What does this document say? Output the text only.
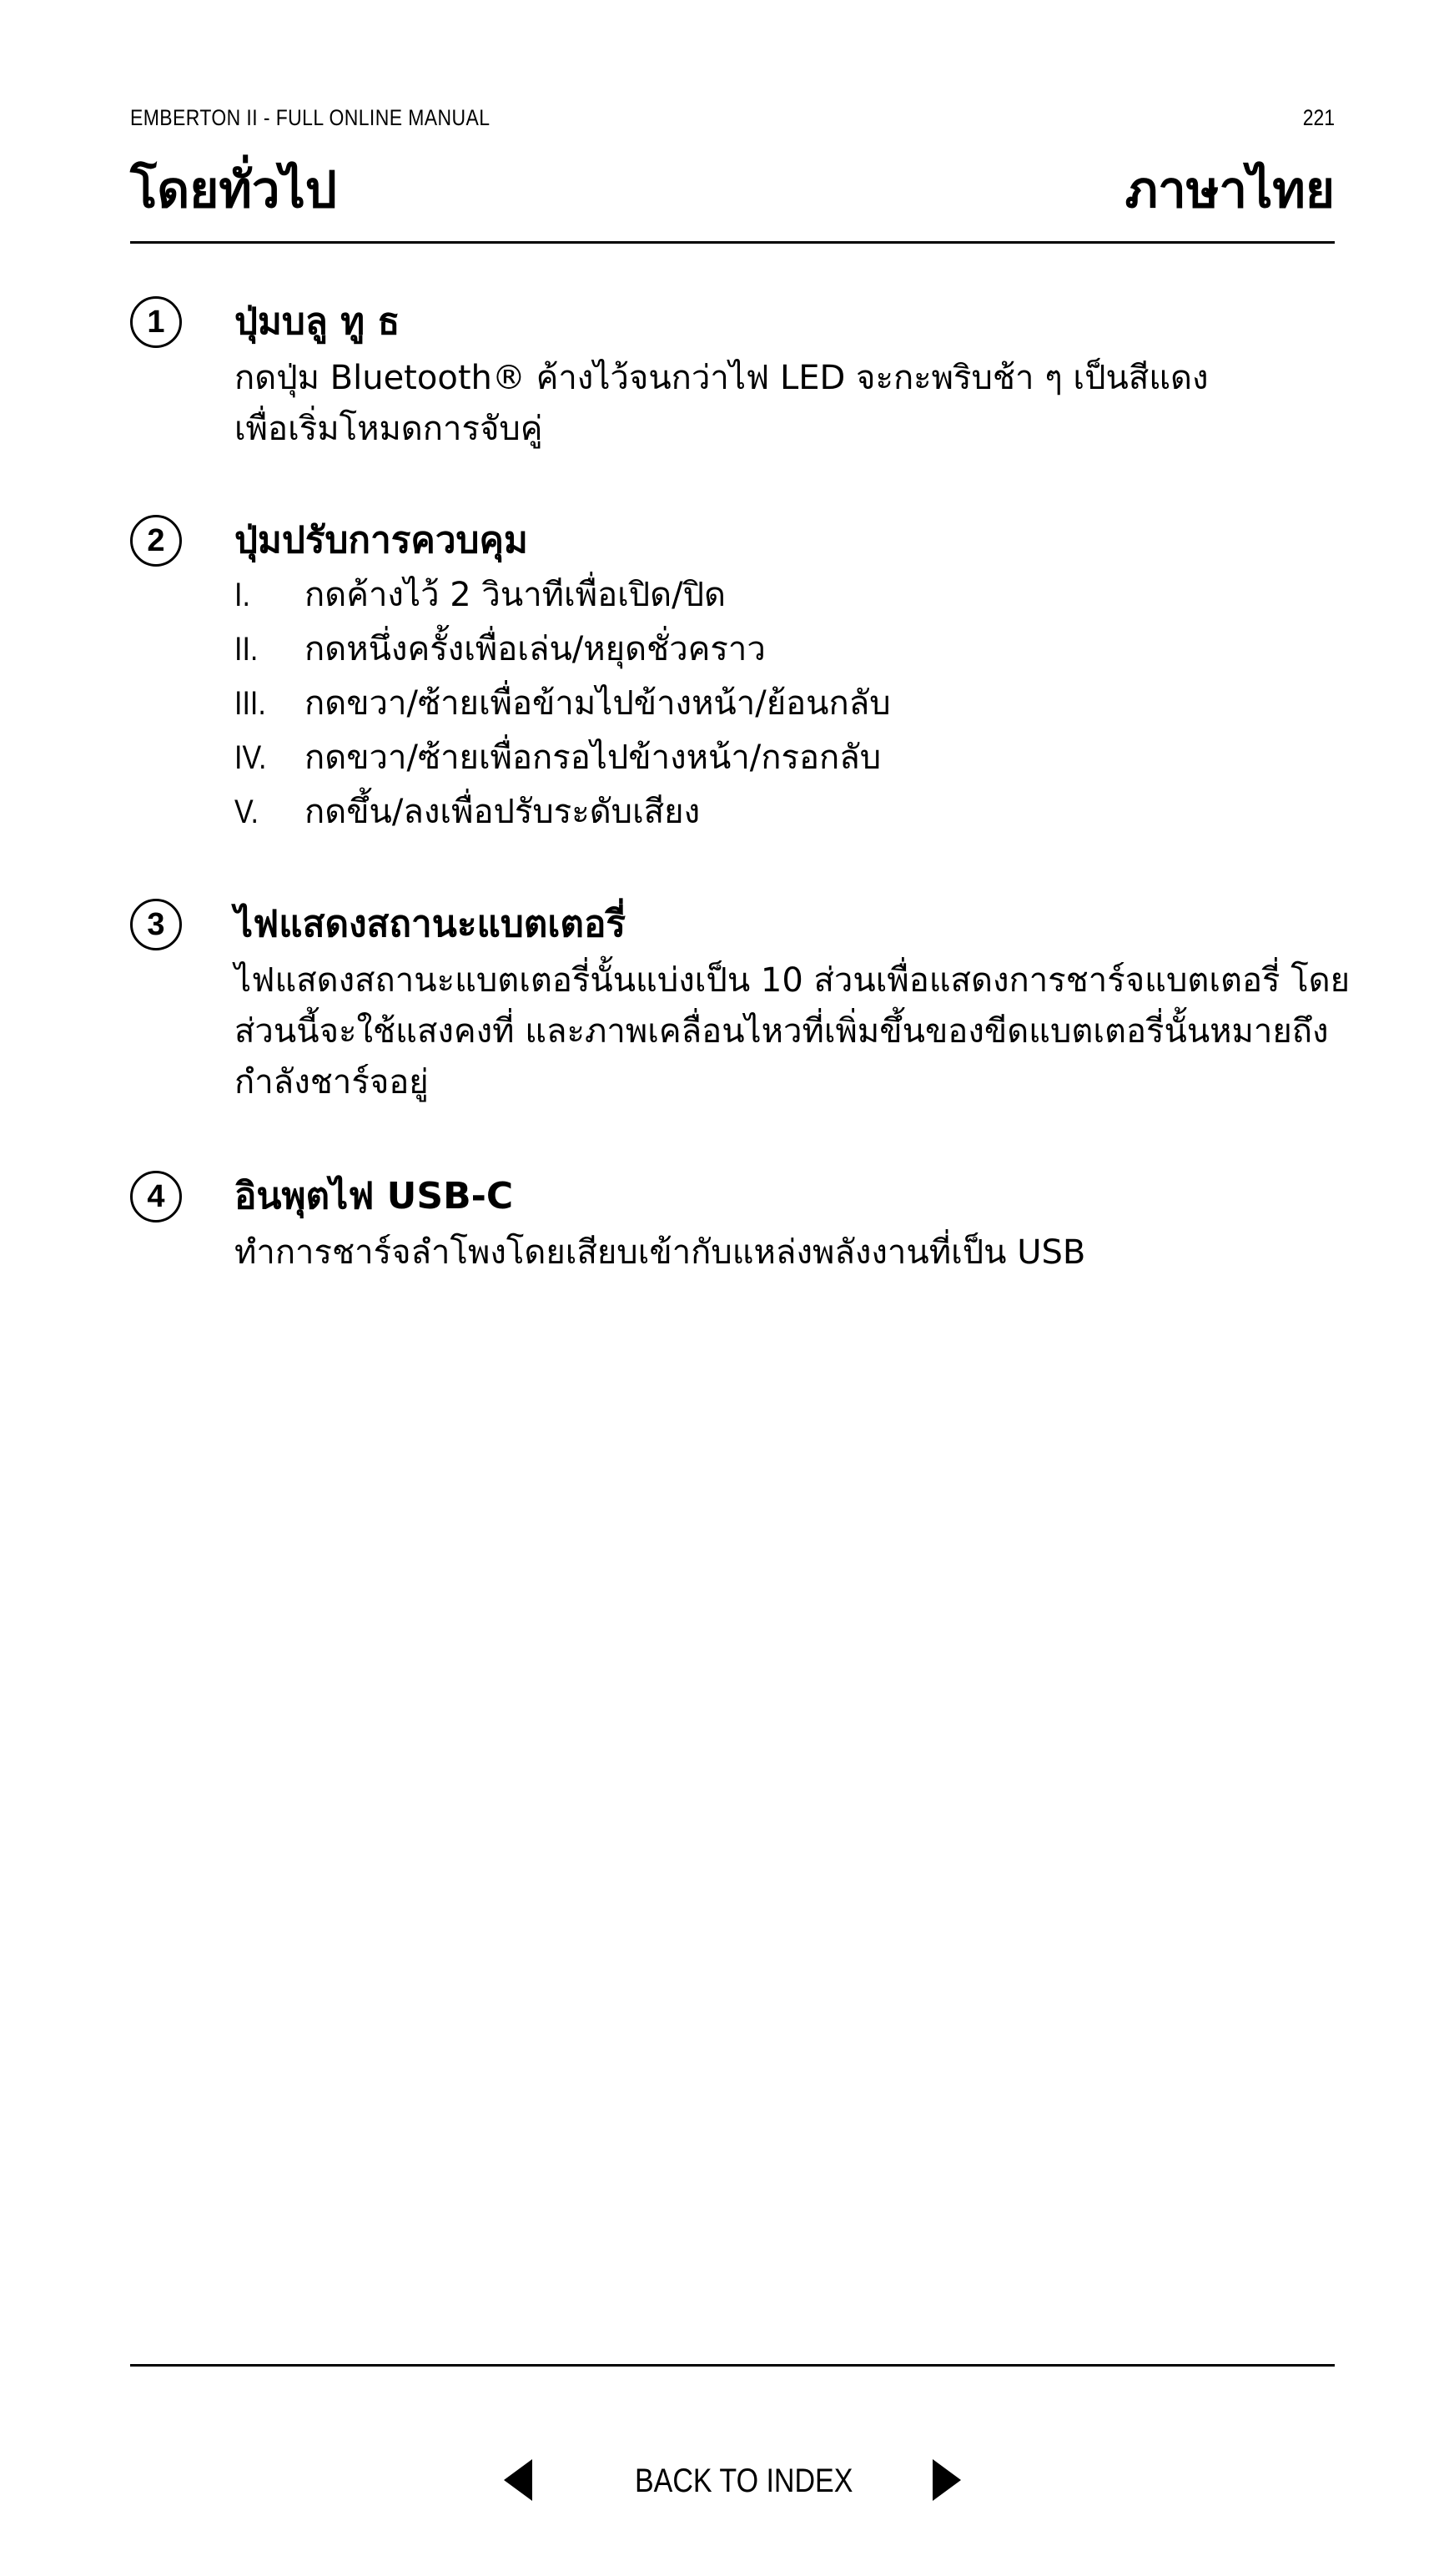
EMBERTON II - FULL ONLINE MANUAL	221
โดยทั่วไป	ภาษาไทย
1	ปุ่มบลู ทู ธ
กดปุ่ม Bluetooth® ค้างไว้จนกว่าไฟ LED จะกะพริบช้า ๆ เป็นสีแดง
เพื่อเริ่มโหมดการจับคู่
2	ปุ่มปรับการควบคุม
I.	กดค้างไว้ 2 วินาทีเพื่อเปิด/ปิด
II.	กดหนึ่งครั้งเพื่อเล่น/หยุดชั่วคราว
III.	กดขวา/ซ้ายเพื่อข้ามไปข้างหน้า/ย้อนกลับ
IV.	กดขวา/ซ้ายเพื่อกรอไปข้างหน้า/กรอกลับ
V.	กดขึ้น/ลงเพื่อปรับระดับเสียง
3	ไฟแสดงสถานะแบตเตอรี่
ไฟแสดงสถานะแบตเตอรี่นั้นแบ่งเป็น 10 ส่วนเพื่อแสดงการชาร์จแบตเตอรี่ โดย
ส่วนนี้จะใช้แสงคงที่ และภาพเคลื่อนไหวที่เพิ่มขึ้นของขีดแบตเตอรี่นั้นหมายถึง
กำลังชาร์จอยู่
4	อินพุตไฟ USB-C
ทำการชาร์จลำโพงโดยเสียบเข้ากับแหล่งพลังงานที่เป็น USB
BACK TO INDEX
